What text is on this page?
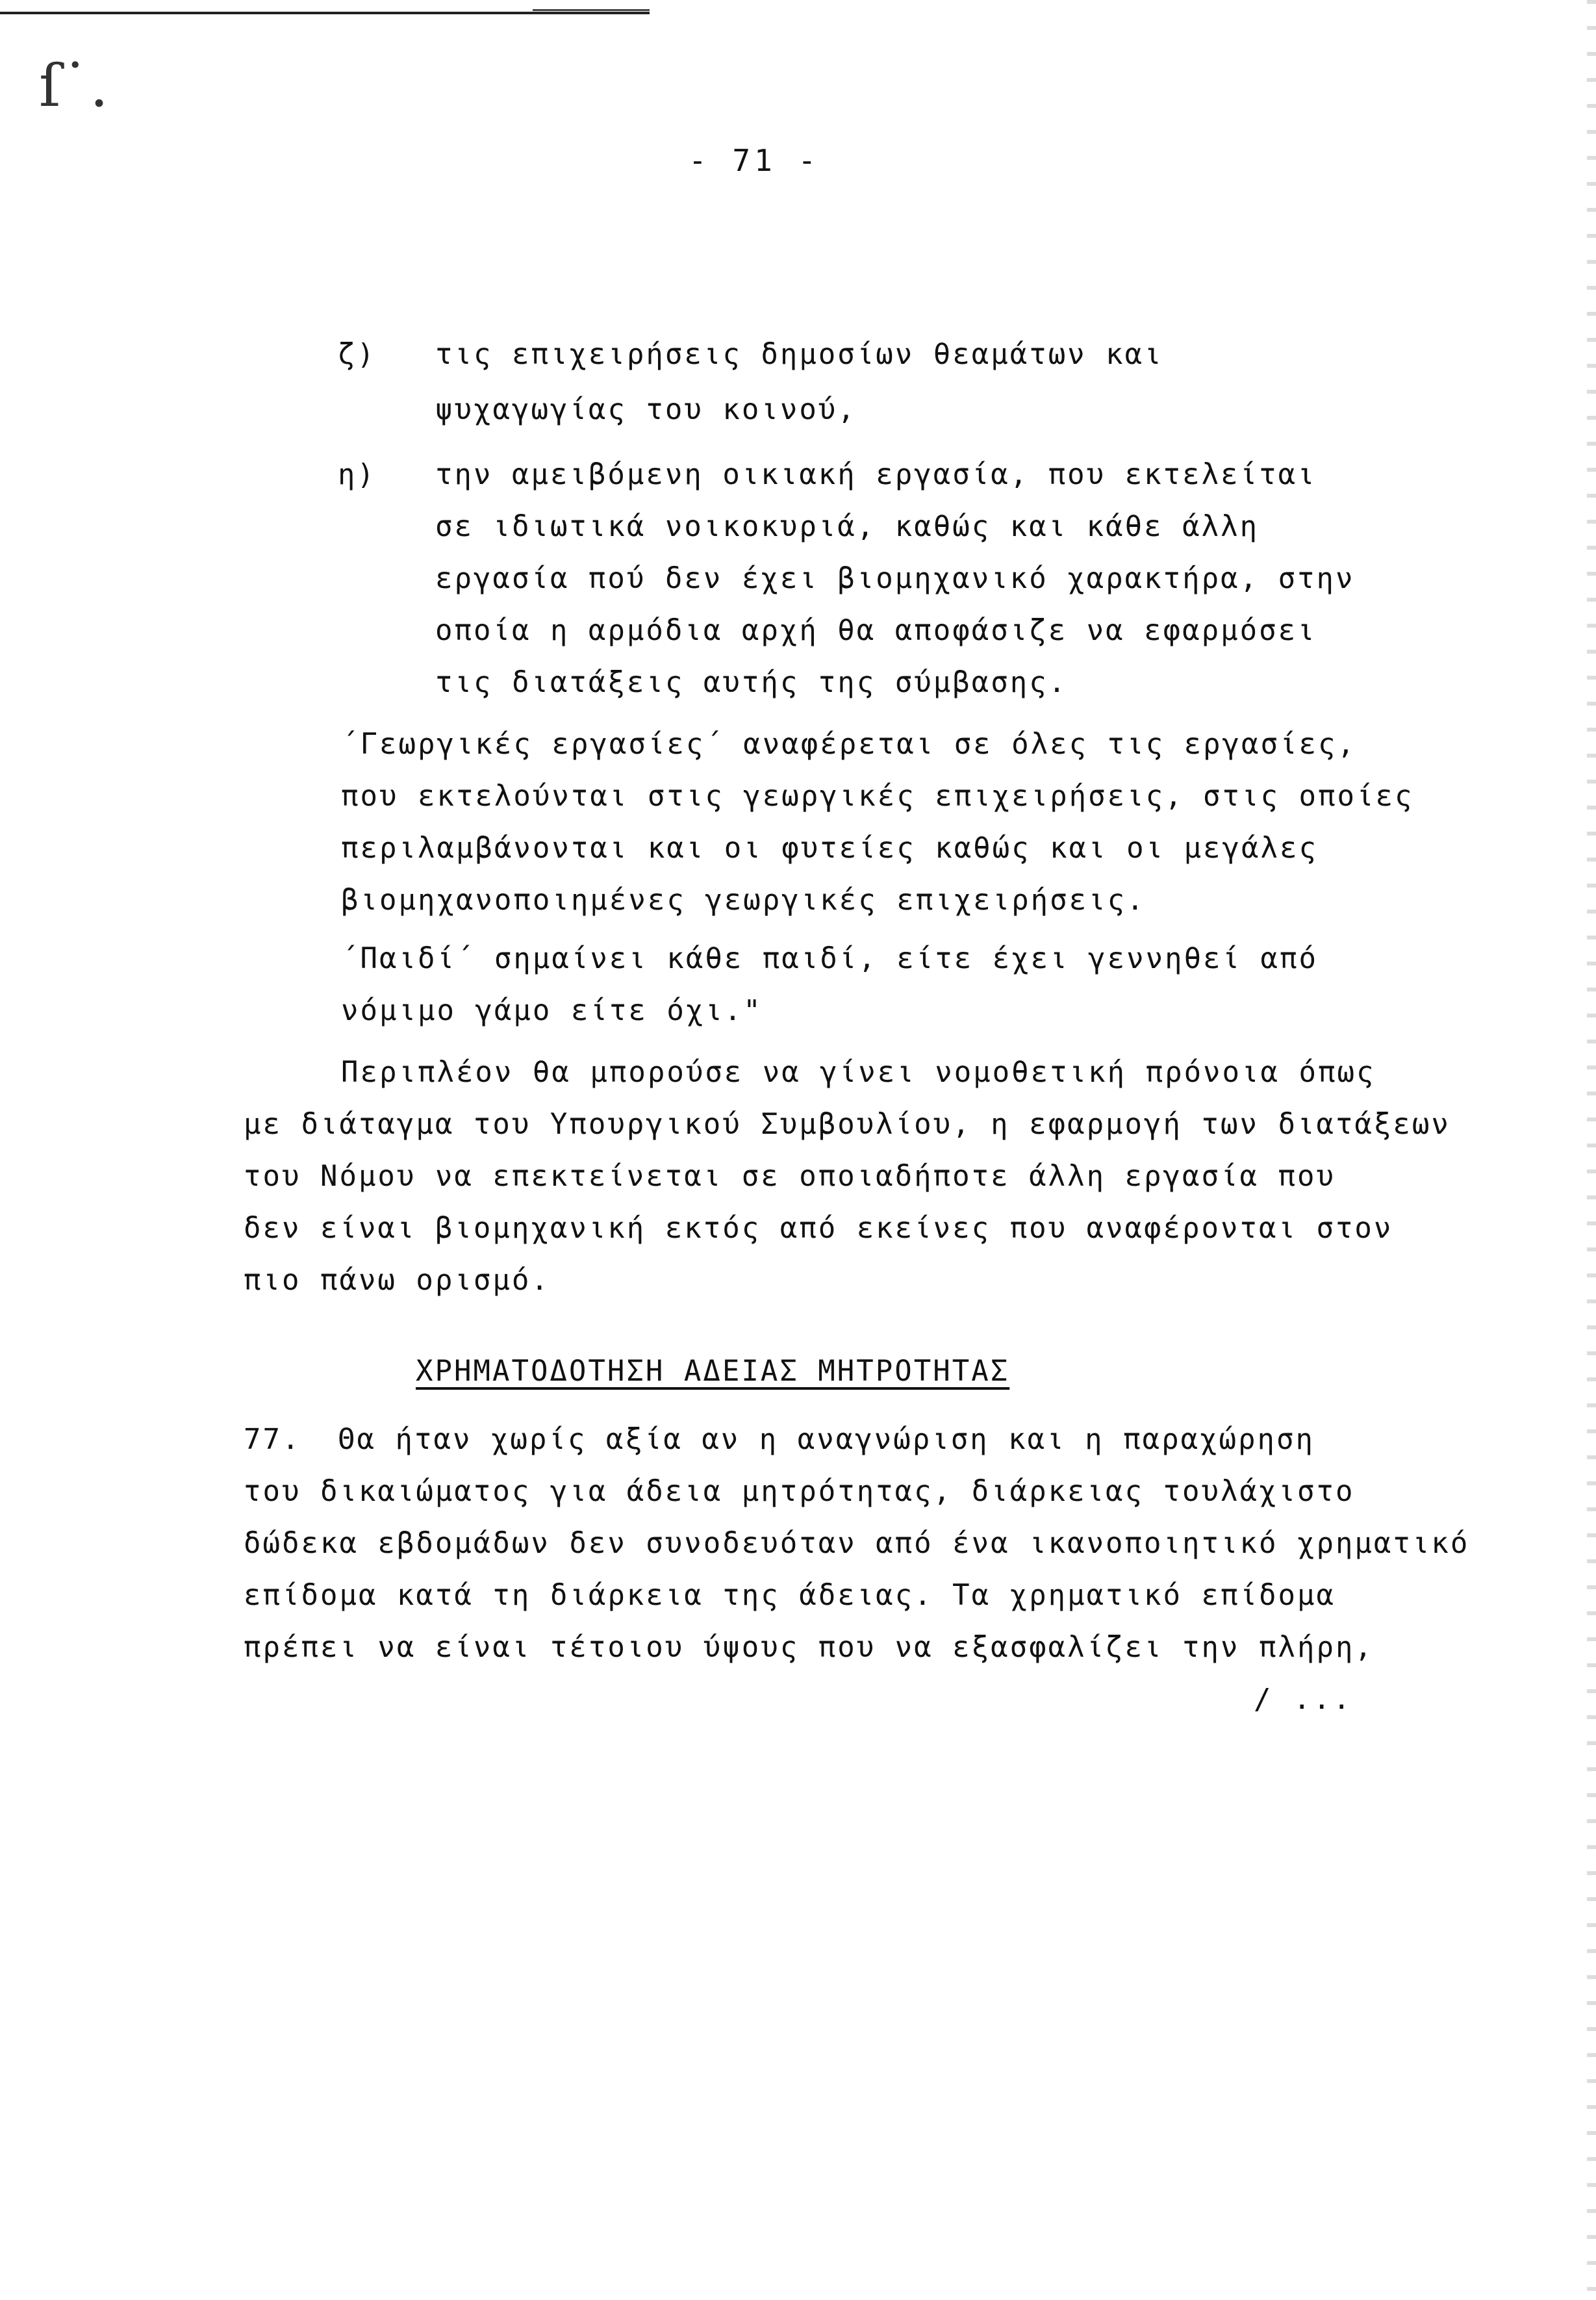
ſ˙.
- 71 -
ζ) τις επιχειρήσεις δημοσίων θεαμάτων και
ψυχαγωγίας του κοινού,
η) την αμειβόμενη οικιακή εργασία, που εκτελείται
σε ιδιωτικά νοικοκυριά, καθώς και κάθε άλλη
εργασία πού δεν έχει βιομηχανικό χαρακτήρα, στην
οποία η αρμόδια αρχή θα αποφάσιζε να εφαρμόσει
τις διατάξεις αυτής της σύμβασης.
΄Γεωργικές εργασίες΄ αναφέρεται σε όλες τις εργασίες,
που εκτελούνται στις γεωργικές επιχειρήσεις, στις οποίες
περιλαμβάνονται και οι φυτείες καθώς και οι μεγάλες
βιομηχανοποιημένες γεωργικές επιχειρήσεις.
΄Παιδί΄ σημαίνει κάθε παιδί, είτε έχει γεννηθεί από
νόμιμο γάμο είτε όχι."
Περιπλέον θα μπορούσε να γίνει νομοθετική πρόνοια όπως
με διάταγμα του Υπουργικού Συμβουλίου, η εφαρμογή των διατάξεων
του Νόμου να επεκτείνεται σε οποιαδήποτε άλλη εργασία που
δεν είναι βιομηχανική εκτός από εκείνες που αναφέρονται στον
πιο πάνω ορισμό.
ΧΡΗΜΑΤΟΔΟΤΗΣΗ ΑΔΕΙΑΣ ΜΗΤΡΟΤΗΤΑΣ
77. Θα ήταν χωρίς αξία αν η αναγνώριση και η παραχώρηση
του δικαιώματος για άδεια μητρότητας, διάρκειας τουλάχιστο
δώδεκα εβδομάδων δεν συνοδευόταν από ένα ικανοποιητικό χρηματικό
επίδομα κατά τη διάρκεια της άδειας. Τα χρηματικό επίδομα
πρέπει να είναι τέτοιου ύψους που να εξασφαλίζει την πλήρη,
/ ...
